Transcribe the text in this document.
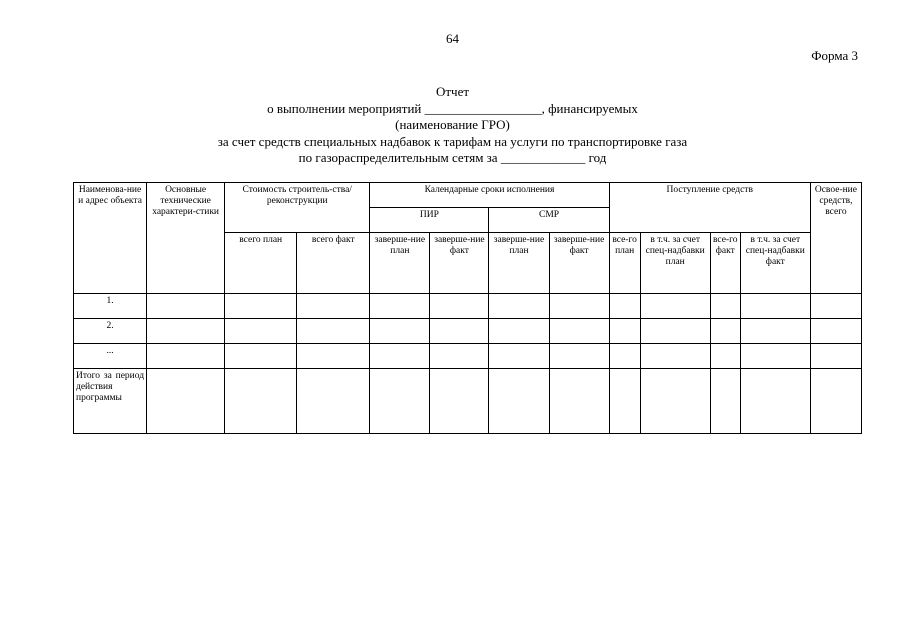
64
Форма 3
Отчет
о выполнении мероприятий __________________, финансируемых
(наименование ГРО)
за счет средств специальных надбавок к тарифам на услуги по транспортировке газа
по газораспределительным сетям за _____________ год
Наименова-ние и адрес объекта	Основные технические характери-стики	Стоимость строитель-ства/реконструкции		Календарные сроки исполнения				Поступление средств				Освое-ние средств, всего
				ПИР		СМР						
		всего план	всего факт	заверше-ние план	заверше-ние факт	заверше-ние план	заверше-ние факт	все-го план	в т.ч. за счет спец-надбавки план	все-го факт	в т.ч. за счет спец-надбавки факт	
1.												
2.												
...												
Итого за период действия программы												
